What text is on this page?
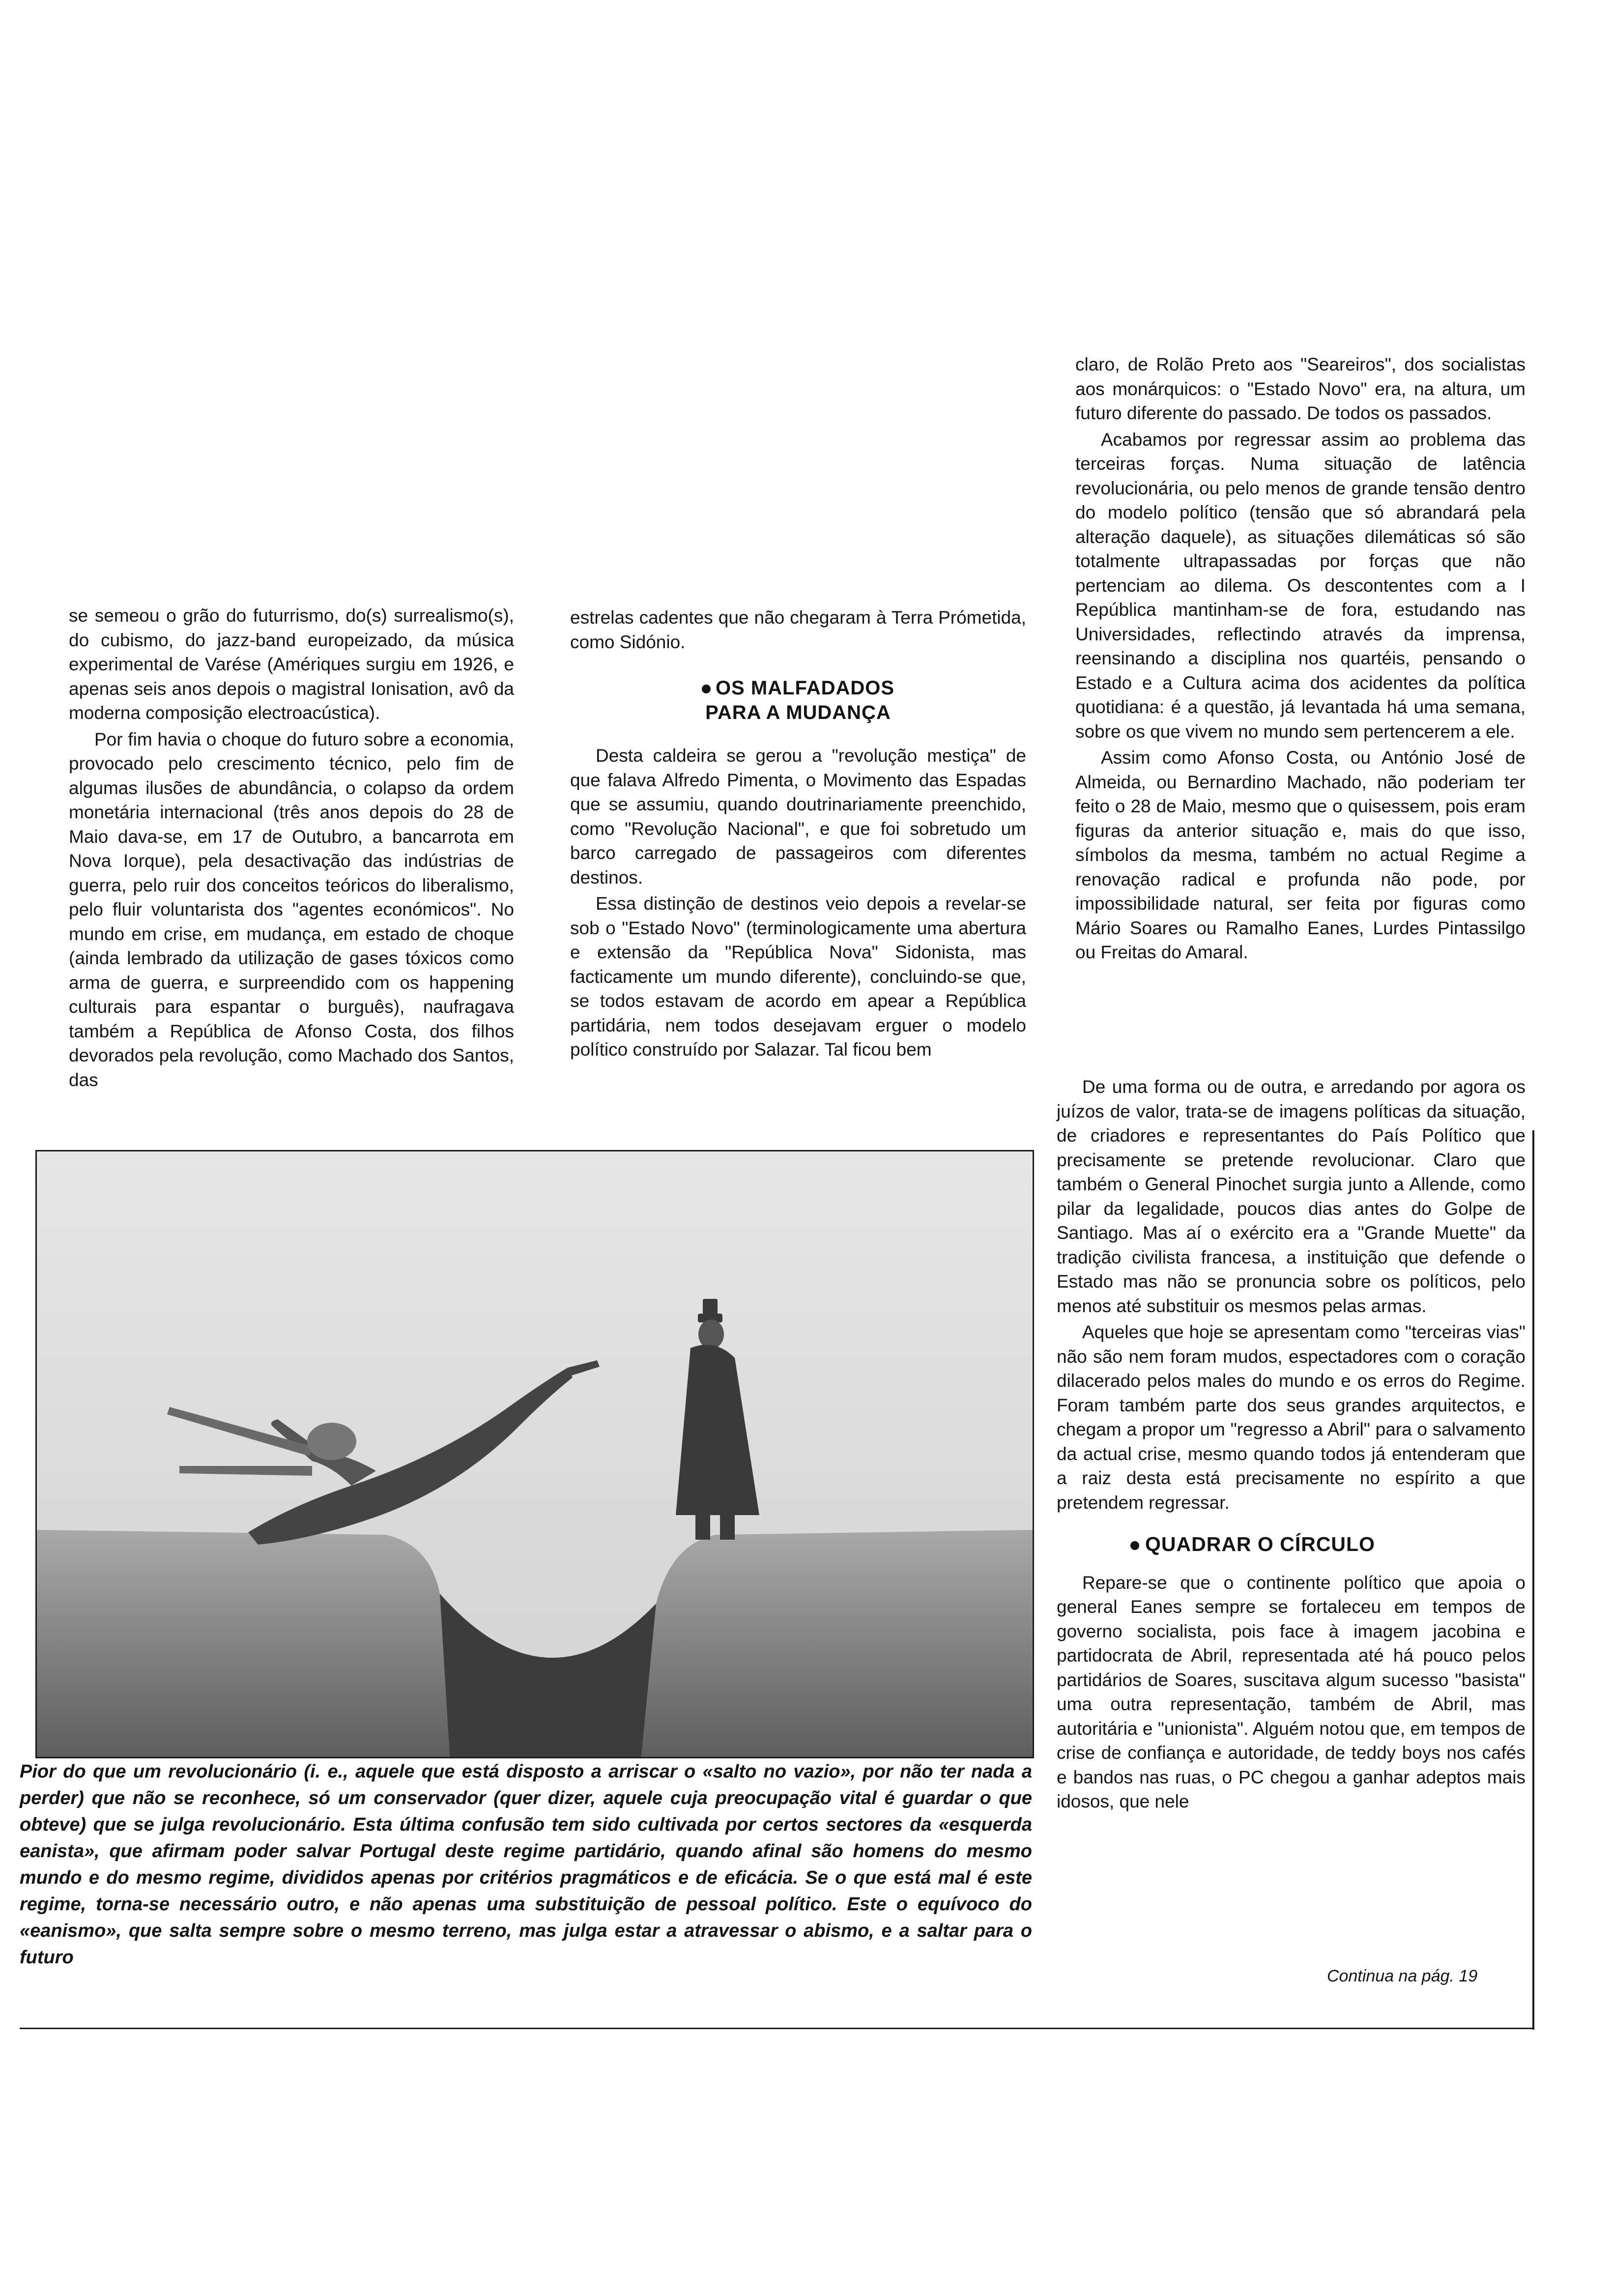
se semeou o grão do futurrismo, do(s) surrealismo(s), do cubismo, do jazz-band europeizado, da música experimental de Varése (Amériques surgiu em 1926, e apenas seis anos depois o magistral Ionisation, avô da moderna composição electroacústica).

Por fim havia o choque do futuro sobre a economia, provocado pelo crescimento técnico, pelo fim de algumas ilusões de abundância, o colapso da ordem monetária internacional (três anos depois do 28 de Maio dava-se, em 17 de Outubro, a bancarrota em Nova Iorque), pela desactivação das indústrias de guerra, pelo ruir dos conceitos teóricos do liberalismo, pelo fluir voluntarista dos "agentes económicos". No mundo em crise, em mudança, em estado de choque (ainda lembrado da utilização de gases tóxicos como arma de guerra, e surpreendido com os happening culturais para espantar o burguês), naufragava também a República de Afonso Costa, dos filhos devorados pela revolução, como Machado dos Santos, das

estrelas cadentes que não chegaram à Terra Prómetida, como Sidónio.

OS MALFADADOS
PARA A MUDANÇA

Desta caldeira se gerou a "revolução mestiça" de que falava Alfredo Pimenta, o Movimento das Espadas que se assumiu, quando doutrinariamente preenchido, como "Revolução Nacional", e que foi sobretudo um barco carregado de passageiros com diferentes destinos.

Essa distinção de destinos veio depois a revelar-se sob o "Estado Novo" (terminologicamente uma abertura e extensão da "República Nova" Sidonista, mas facticamente um mundo diferente), concluindo-se que, se todos estavam de acordo em apear a República partidária, nem todos desejavam erguer o modelo político construído por Salazar. Tal ficou bem

claro, de Rolão Preto aos "Seareiros", dos socialistas aos monárquicos: o "Estado Novo" era, na altura, um futuro diferente do passado. De todos os passados.

Acabamos por regressar assim ao problema das terceiras forças. Numa situação de latência revolucionária, ou pelo menos de grande tensão dentro do modelo político (tensão que só abrandará pela alteração daquele), as situações dilemáticas só são totalmente ultrapassadas por forças que não pertenciam ao dilema. Os descontentes com a I República mantinham-se de fora, estudando nas Universidades, reflectindo através da imprensa, reensinando a disciplina nos quartéis, pensando o Estado e a Cultura acima dos acidentes da política quotidiana: é a questão, já levantada há uma semana, sobre os que vivem no mundo sem pertencerem a ele.

Assim como Afonso Costa, ou António José de Almeida, ou Bernardino Machado, não poderiam ter feito o 28 de Maio, mesmo que o quisessem, pois eram figuras da anterior situação e, mais do que isso, símbolos da mesma, também no actual Regime a renovação radical e profunda não pode, por impossibilidade natural, ser feita por figuras como Mário Soares ou Ramalho Eanes, Lurdes Pintassilgo ou Freitas do Amaral.

De uma forma ou de outra, e arredando por agora os juízos de valor, trata-se de imagens políticas da situação, de criadores e representantes do País Político que precisamente se pretende revolucionar. Claro que também o General Pinochet surgia junto a Allende, como pilar da legalidade, poucos dias antes do Golpe de Santiago. Mas aí o exército era a "Grande Muette" da tradição civilista francesa, a instituição que defende o Estado mas não se pronuncia sobre os políticos, pelo menos até substituir os mesmos pelas armas.

Aqueles que hoje se apresentam como "terceiras vias" não são nem foram mudos, espectadores com o coração dilacerado pelos males do mundo e os erros do Regime. Foram também parte dos seus grandes arquitectos, e chegam a propor um "regresso a Abril" para o salvamento da actual crise, mesmo quando todos já entenderam que a raiz desta está precisamente no espírito a que pretendem regressar.

QUADRAR O CÍRCULO

Repare-se que o continente político que apoia o general Eanes sempre se fortaleceu em tempos de governo socialista, pois face à imagem jacobina e partidocrata de Abril, representada até há pouco pelos partidários de Soares, suscitava algum sucesso "basista" uma outra representação, também de Abril, mas autoritária e "unionista". Alguém notou que, em tempos de crise de confiança e autoridade, de teddy boys nos cafés e bandos nas ruas, o PC chegou a ganhar adeptos mais idosos, que nele

Pior do que um revolucionário (i. e., aquele que está disposto a arriscar o «salto no vazio», por não ter nada a perder) que não se reconhece, só um conservador (quer dizer, aquele cuja preocupação vital é guardar o que obteve) que se julga revolucionário. Esta última confusão tem sido cultivada por certos sectores da «esquerda eanista», que afirmam poder salvar Portugal deste regime partidário, quando afinal são homens do mesmo mundo e do mesmo regime, divididos apenas por critérios pragmáticos e de eficácia. Se o que está mal é este regime, torna-se necessário outro, e não apenas uma substituição de pessoal político. Este o equívoco do «eanismo», que salta sempre sobre o mesmo terreno, mas julga estar a atravessar o abismo, e a saltar para o futuro
Continua na pág. 19
